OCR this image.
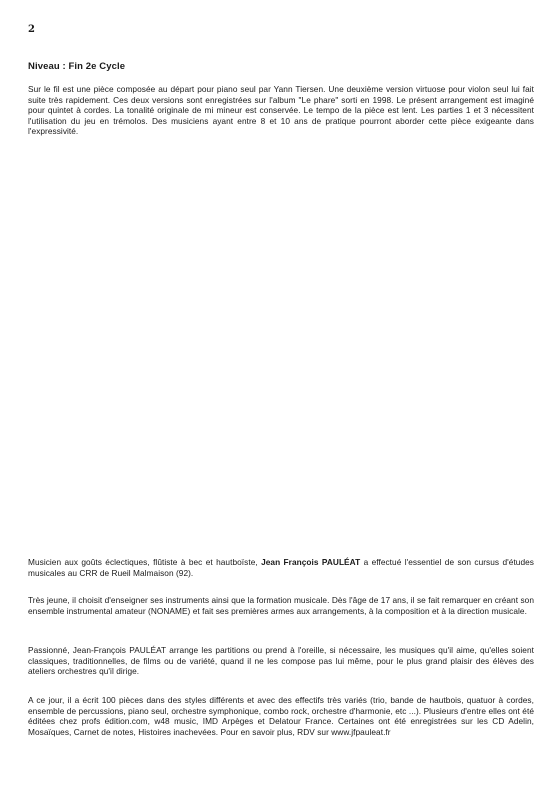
2
Niveau : Fin 2e Cycle

Sur le fil est une pièce composée au départ pour piano seul par Yann Tiersen. Une deuxième version virtuose pour violon seul lui fait suite très rapidement. Ces deux versions sont enregistrées sur l'album "Le phare" sorti en 1998. Le présent arrangement est imaginé pour quintet à cordes. La tonalité originale de mi mineur est conservée. Le tempo de la pièce est lent. Les parties 1 et 3 nécessitent l'utilisation du jeu en trémolos. Des musiciens ayant entre 8 et 10 ans de pratique pourront aborder cette pièce exigeante dans l'expressivité.

Musicien aux goûts éclectiques, flûtiste à bec et hautboïste, Jean François PAULÉAT a effectué l'essentiel de son cursus d'études musicales au CRR de Rueil Malmaison (92).

Très jeune, il choisit d'enseigner ses instruments ainsi que la formation musicale. Dès l'âge de 17 ans, il se fait remarquer en créant son ensemble instrumental amateur (NONAME) et fait ses premières armes aux arrangements, à la composition et à la direction musicale.

Passionné, Jean-François PAULÉAT arrange les partitions ou prend à l'oreille, si nécessaire, les musiques qu'il aime, qu'elles soient classiques, traditionnelles, de films ou de variété, quand il ne les compose pas lui même, pour le plus grand plaisir des élèves des ateliers orchestres qu'il dirige.

A ce jour, il a écrit 100 pièces dans des styles différents et avec des effectifs très variés (trio, bande de hautbois, quatuor à cordes, ensemble de percussions, piano seul, orchestre symphonique, combo rock, orchestre d'harmonie, etc ...). Plusieurs d'entre elles ont été éditées chez profs édition.com, w48 music, IMD Arpèges et Delatour France. Certaines ont été enregistrées sur les CD Adelin, Mosaïques, Carnet de notes, Histoires inachevées. Pour en savoir plus, RDV sur www.jfpauleat.fr
